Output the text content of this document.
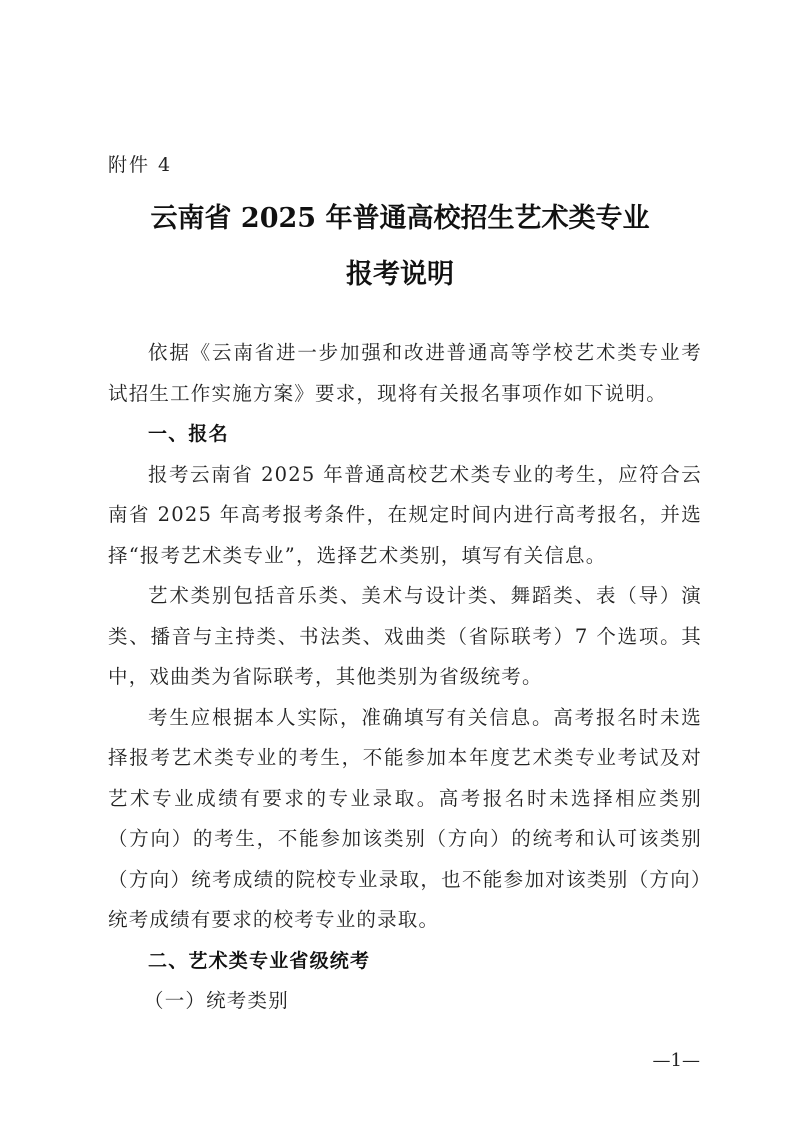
附件 4
云南省 2025 年普通高校招生艺术类专业
报考说明

依据《云南省进一步加强和改进普通高等学校艺术类专业考试招生工作实施方案》要求，现将有关报名事项作如下说明。

一、报名

报考云南省 2025 年普通高校艺术类专业的考生，应符合云南省 2025 年高考报考条件，在规定时间内进行高考报名，并选择“报考艺术类专业”，选择艺术类别，填写有关信息。

艺术类别包括音乐类、美术与设计类、舞蹈类、表（导）演类、播音与主持类、书法类、戏曲类（省际联考）7 个选项。其中，戏曲类为省际联考，其他类别为省级统考。

考生应根据本人实际，准确填写有关信息。高考报名时未选择报考艺术类专业的考生，不能参加本年度艺术类专业考试及对艺术专业成绩有要求的专业录取。高考报名时未选择相应类别（方向）的考生，不能参加该类别（方向）的统考和认可该类别（方向）统考成绩的院校专业录取，也不能参加对该类别（方向）统考成绩有要求的校考专业的录取。

二、艺术类专业省级统考

（一）统考类别

—1—
